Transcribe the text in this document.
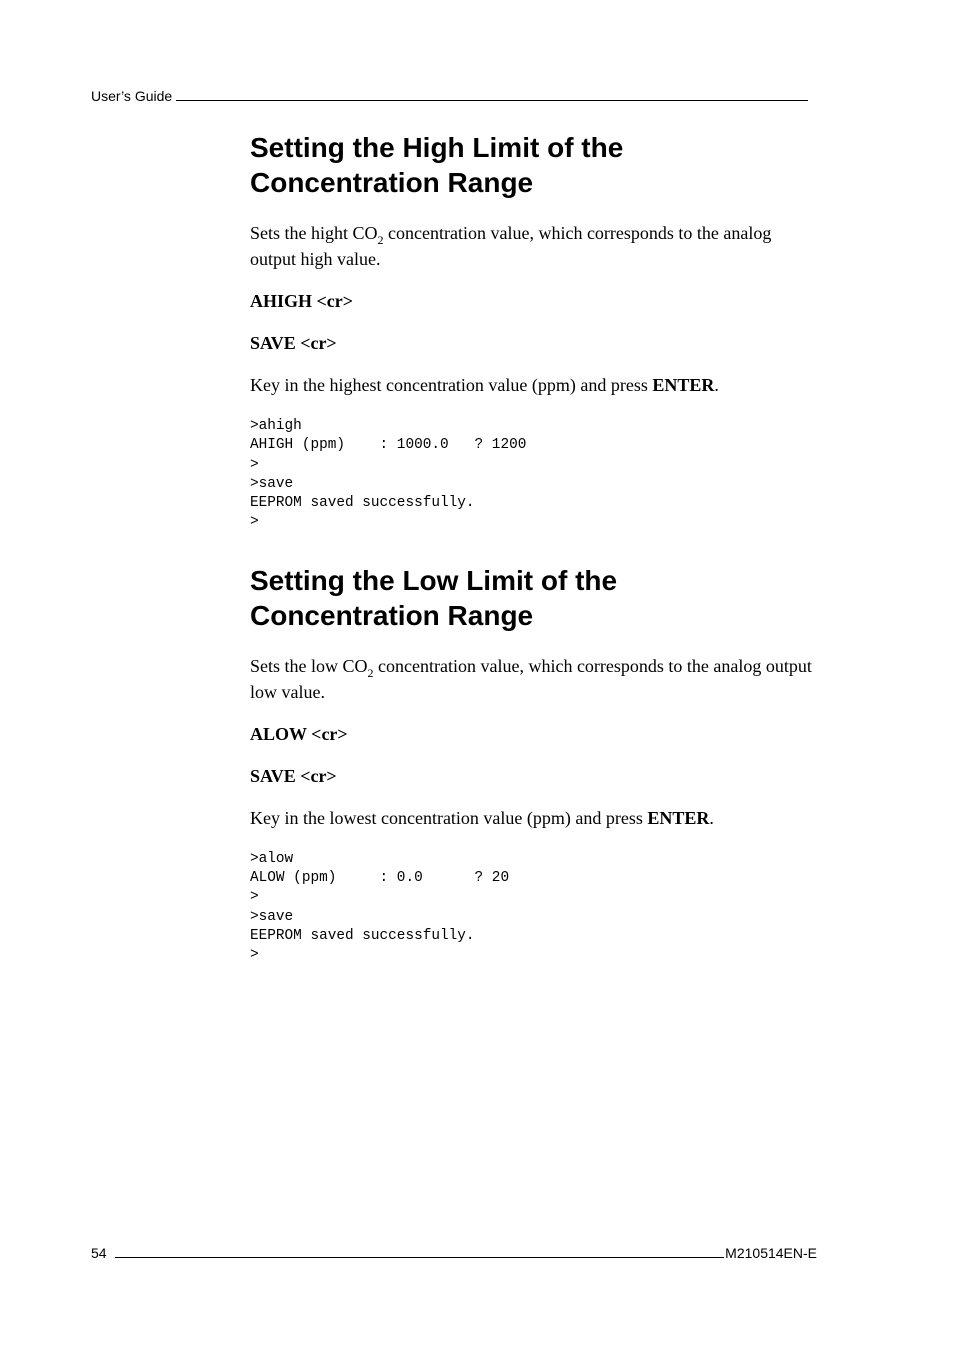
User’s Guide
Setting the High Limit of the
Concentration Range

Sets the hight $CO_2$ concentration value, which corresponds to the analog output high value.

AHIGH <cr>

SAVE <cr>

Key in the highest concentration value (ppm) and press ENTER.

>ahigh
AHIGH (ppm)    : 1000.0   ? 1200
>
>save
EEPROM saved successfully.
>
Setting the Low Limit of the
Concentration Range

Sets the low $CO_2$ concentration value, which corresponds to the analog output low value.

ALOW <cr>

SAVE <cr>

Key in the lowest concentration value (ppm) and press ENTER.

>alow
ALOW (ppm)     : 0.0      ? 20
>
>save
EEPROM saved successfully.
>
54	M210514EN-E
